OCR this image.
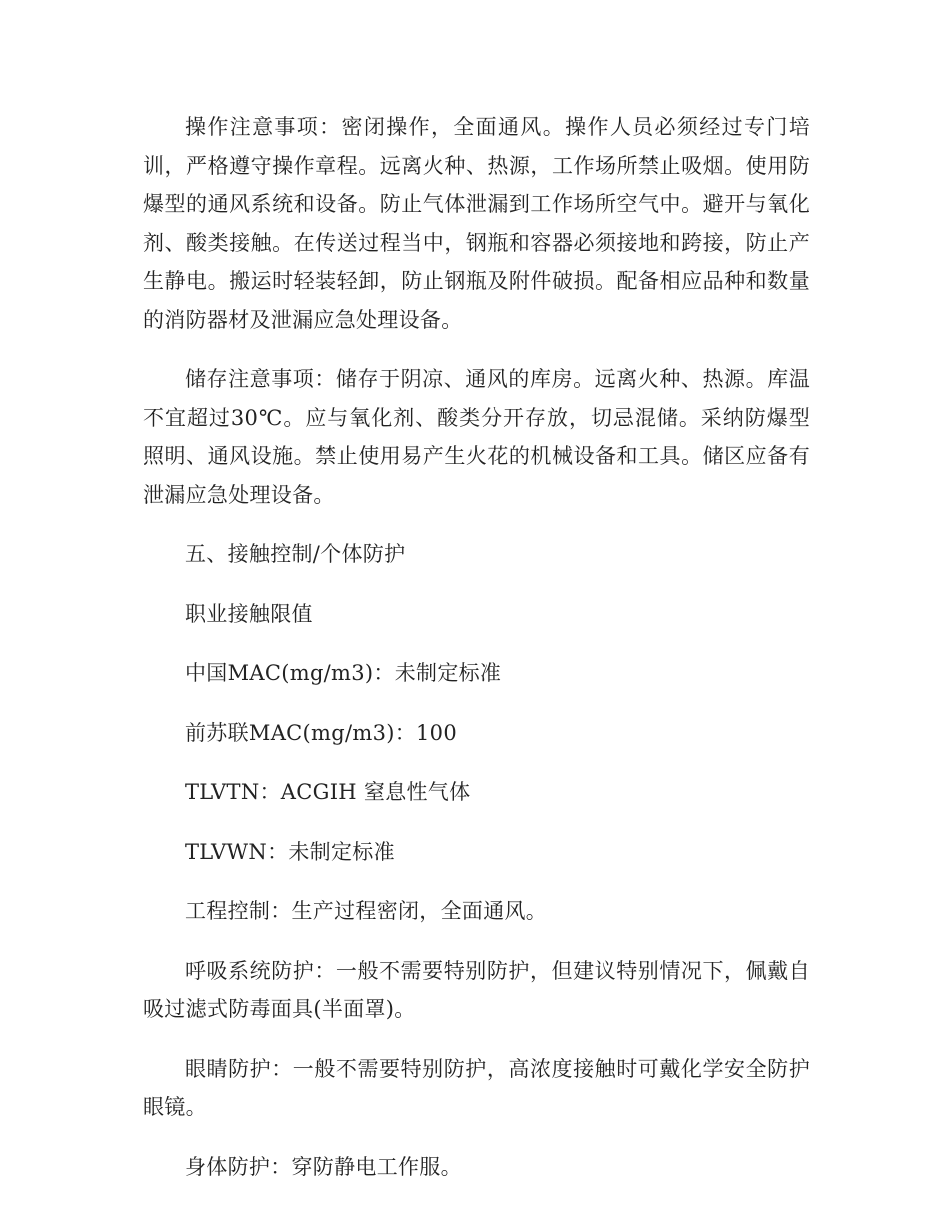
操作注意事项：密闭操作，全面通风。操作人员必须经过专门培训，严格遵守操作章程。远离火种、热源，工作场所禁止吸烟。使用防爆型的通风系统和设备。防止气体泄漏到工作场所空气中。避开与氧化剂、酸类接触。在传送过程当中，钢瓶和容器必须接地和跨接，防止产生静电。搬运时轻装轻卸，防止钢瓶及附件破损。配备相应品种和数量的消防器材及泄漏应急处理设备。

储存注意事项：储存于阴凉、通风的库房。远离火种、热源。库温不宜超过30℃。应与氧化剂、酸类分开存放，切忌混储。采纳防爆型照明、通风设施。禁止使用易产生火花的机械设备和工具。储区应备有泄漏应急处理设备。

五、接触控制/个体防护

职业接触限值

中国MAC(mg/m3)：未制定标准

前苏联MAC(mg/m3)：100

TLVTN：ACGIH 窒息性气体

TLVWN：未制定标准

工程控制：生产过程密闭，全面通风。

呼吸系统防护：一般不需要特别防护，但建议特别情况下，佩戴自吸过滤式防毒面具(半面罩)。

眼睛防护：一般不需要特别防护，高浓度接触时可戴化学安全防护眼镜。

身体防护：穿防静电工作服。
